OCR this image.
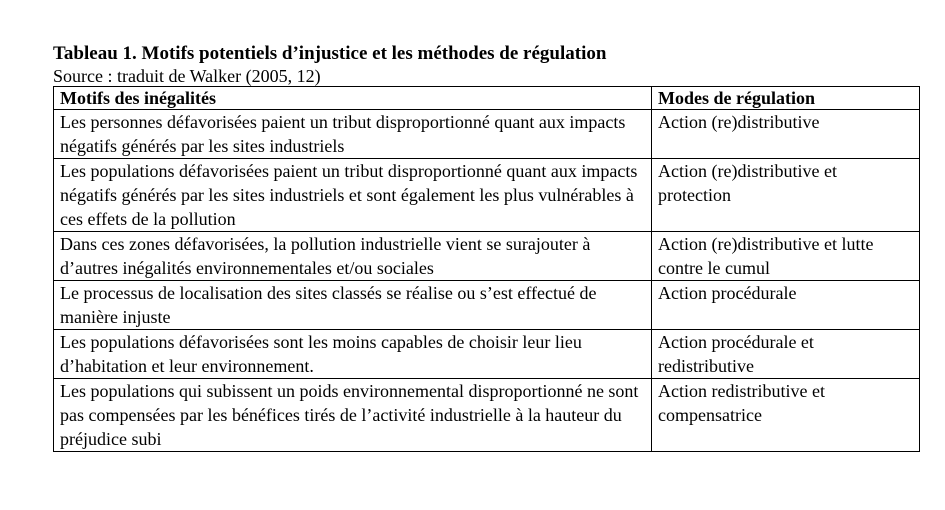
Tableau 1. Motifs potentiels d’injustice et les méthodes de régulation

Source : traduit de Walker (2005, 12)

Motifs des inégalités	Modes de régulation
Les personnes défavorisées paient un tribut disproportionné quant aux impacts négatifs générés par les sites industriels	Action (re)distributive
Les populations défavorisées paient un tribut disproportionné quant aux impacts négatifs générés par les sites industriels et sont également les plus vulnérables à ces effets de la pollution	Action (re)distributive et protection
Dans ces zones défavorisées, la pollution industrielle vient se surajouter à d’autres inégalités environnementales et/ou sociales	Action (re)distributive et lutte contre le cumul
Le processus de localisation des sites classés se réalise ou s’est effectué de manière injuste	Action procédurale
Les populations défavorisées sont les moins capables de choisir leur lieu d’habitation et leur environnement.	Action procédurale et redistributive
Les populations qui subissent un poids environnemental disproportionné ne sont pas compensées par les bénéfices tirés de l’activité industrielle à la hauteur du préjudice subi	Action redistributive et compensatrice
